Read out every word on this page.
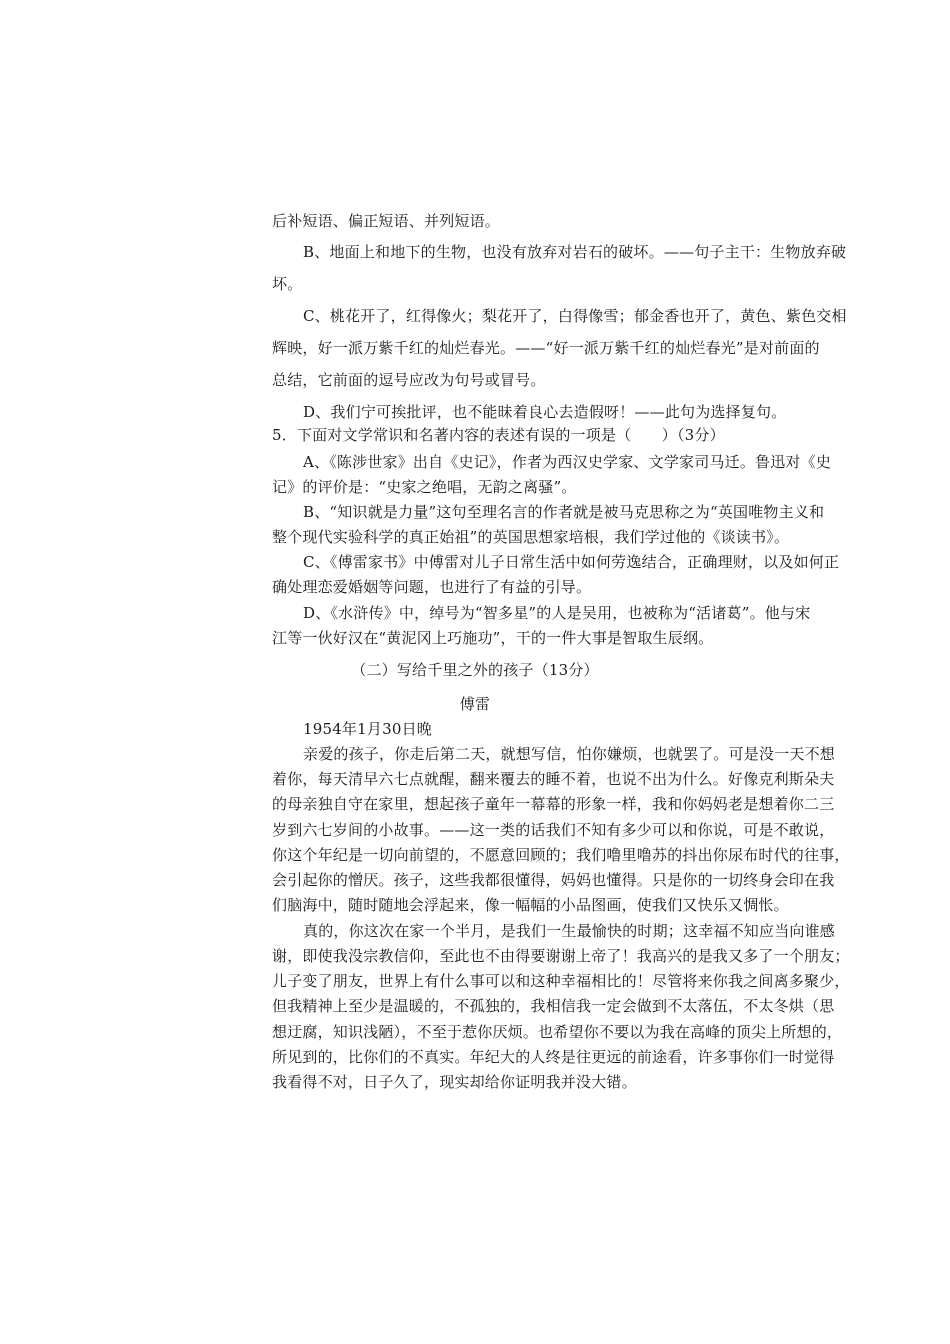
后补短语、偏正短语、并列短语。
B、地面上和地下的生物，也没有放弃对岩石的破坏。——句子主干：生物放弃破
坏。
C、桃花开了，红得像火；梨花开了，白得像雪；郁金香也开了，黄色、紫色交相
辉映，好一派万紫千红的灿烂春光。——“好一派万紫千红的灿烂春光”是对前面的
总结，它前面的逗号应改为句号或冒号。
D、我们宁可挨批评，也不能昧着良心去造假呀！——此句为选择复句。
5．下面对文学常识和名著内容的表述有误的一项是（　　）（3分）
A、《陈涉世家》出自《史记》，作者为西汉史学家、文学家司马迁。鲁迅对《史
记》的评价是：“史家之绝唱，无韵之离骚”。
B、“知识就是力量”这句至理名言的作者就是被马克思称之为“英国唯物主义和
整个现代实验科学的真正始祖”的英国思想家培根，我们学过他的《谈读书》。
C、《傅雷家书》中傅雷对儿子日常生活中如何劳逸结合，正确理财，以及如何正
确处理恋爱婚姻等问题，也进行了有益的引导。
D、《水浒传》中，绰号为“智多星”的人是吴用，也被称为“活诸葛”。他与宋
江等一伙好汉在“黄泥冈上巧施功”，干的一件大事是智取生辰纲。
（二）写给千里之外的孩子（13分）
傅雷
1954年1月30日晚
亲爱的孩子，你走后第二天，就想写信，怕你嫌烦，也就罢了。可是没一天不想
着你，每天清早六七点就醒，翻来覆去的睡不着，也说不出为什么。好像克利斯朵夫
的母亲独自守在家里，想起孩子童年一幕幕的形象一样，我和你妈妈老是想着你二三
岁到六七岁间的小故事。——这一类的话我们不知有多少可以和你说，可是不敢说，
你这个年纪是一切向前望的，不愿意回顾的；我们噜里噜苏的抖出你尿布时代的往事，
会引起你的憎厌。孩子，这些我都很懂得，妈妈也懂得。只是你的一切终身会印在我
们脑海中，随时随地会浮起来，像一幅幅的小品图画，使我们又快乐又惆怅。
真的，你这次在家一个半月，是我们一生最愉快的时期；这幸福不知应当向谁感
谢，即使我没宗教信仰，至此也不由得要谢谢上帝了！我高兴的是我又多了一个朋友；
儿子变了朋友，世界上有什么事可以和这种幸福相比的！尽管将来你我之间离多聚少，
但我精神上至少是温暖的，不孤独的，我相信我一定会做到不太落伍，不太冬烘（思
想迂腐，知识浅陋），不至于惹你厌烦。也希望你不要以为我在高峰的顶尖上所想的，
所见到的，比你们的不真实。年纪大的人终是往更远的前途看，许多事你们一时觉得
我看得不对，日子久了，现实却给你证明我并没大错。
